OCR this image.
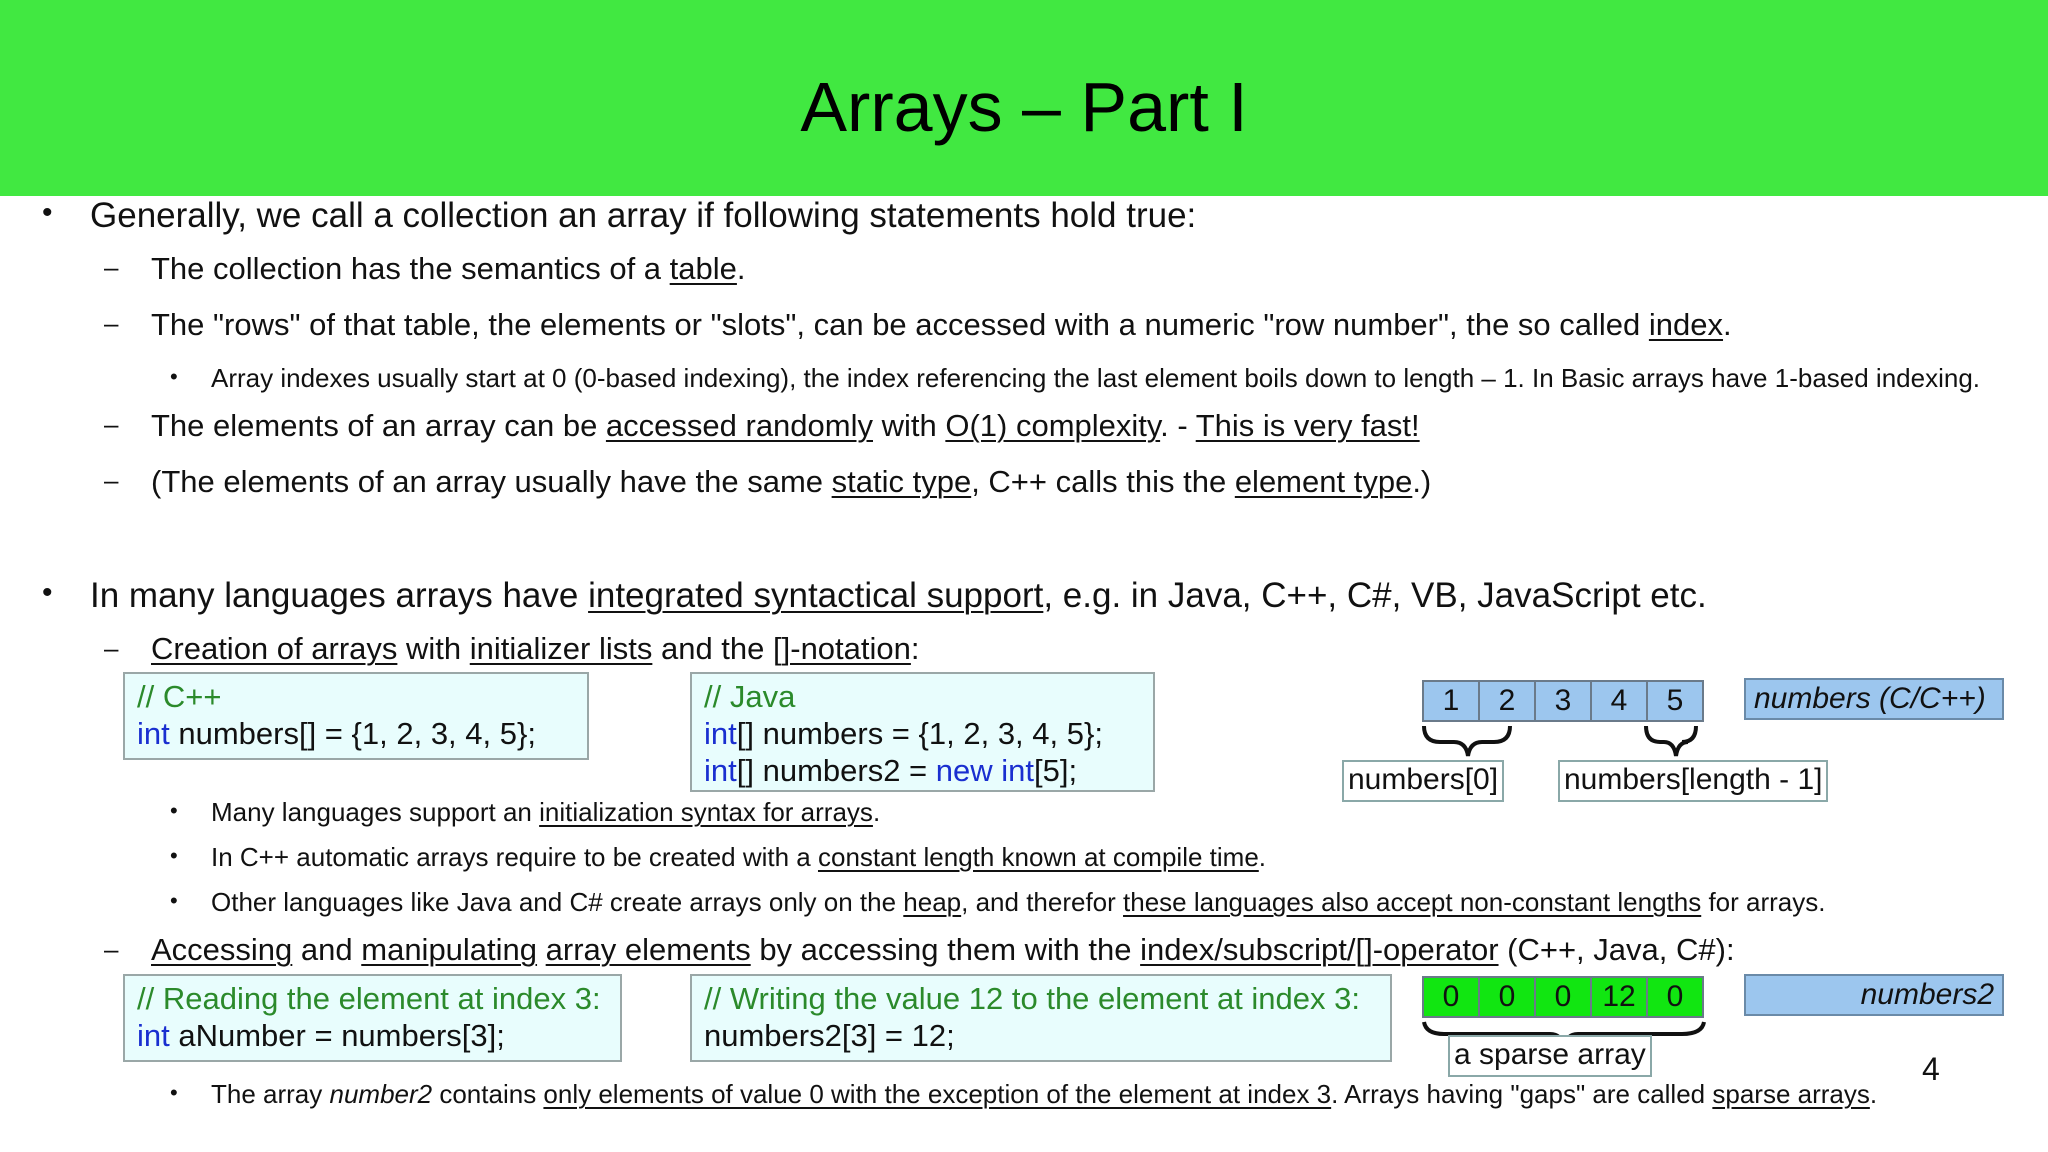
Arrays – Part I
• Generally, we call a collection an array if following statements hold true:
– The collection has the semantics of a table.
– The "rows" of that table, the elements or "slots", can be accessed with a numeric "row number", the so called index.
• Array indexes usually start at 0 (0-based indexing), the index referencing the last element boils down to length – 1. In Basic arrays have 1-based indexing.
– The elements of an array can be accessed randomly with O(1) complexity. - This is very fast!
– (The elements of an array usually have the same static type, C++ calls this the element type.)
• In many languages arrays have integrated syntactical support, e.g. in Java, C++, C#, VB, JavaScript etc.
– Creation of arrays with initializer lists and the []-notation:
// C++
int numbers[] = {1, 2, 3, 4, 5};
// Java
int[] numbers = {1, 2, 3, 4, 5};
int[] numbers2 = new int[5];
1	2	3	4	5	numbers (C/C++)
numbers[0] numbers[length - 1]
• Many languages support an initialization syntax for arrays.
• In C++ automatic arrays require to be created with a constant length known at compile time.
• Other languages like Java and C# create arrays only on the heap, and therefor these languages also accept non-constant lengths for arrays.
– Accessing and manipulating array elements by accessing them with the index/subscript/[]-operator (C++, Java, C#):
// Reading the element at index 3:
int aNumber = numbers[3];
// Writing the value 12 to the element at index 3:
numbers2[3] = 12;
0	0	0	12	0	numbers2
a sparse array	4
• The array number2 contains only elements of value 0 with the exception of the element at index 3. Arrays having "gaps" are called sparse arrays.
